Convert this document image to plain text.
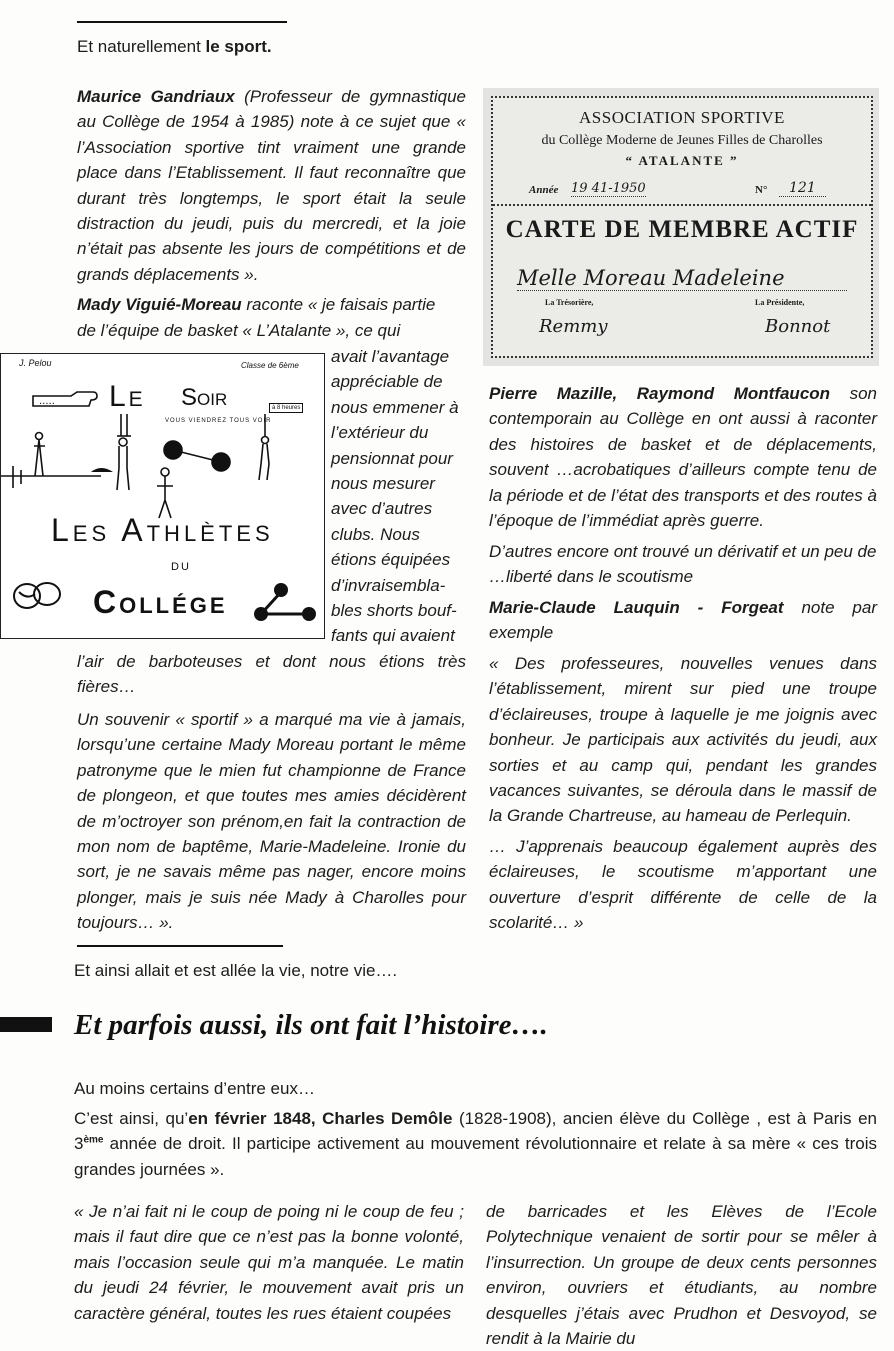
Et naturellement le sport.

Maurice Gandriaux (Professeur de gymnastique au Collège de 1954 à 1985) note à ce sujet que « l’Association sportive tint vraiment une grande place dans l’Etablissement. Il faut reconnaître que durant très longtemps, le sport était la seule distraction du jeudi, puis du mercredi, et la joie n’était pas absente les jours de compétitions et de grands déplacements ».

Mady Viguié-Moreau raconte « je faisais partie

de l’équipe de basket « L’Atalante », ce qui

avait l’avantage
appréciable de
nous emmener à
l’extérieur du
pensionnat pour
nous mesurer
avec d’autres
clubs. Nous
étions équipées
d’invraisembla-
bles shorts bouf-
fants qui avaient
J. Pelou	Classe de 6ème
..... Le Soir
VOUS VIENDREZ TOUS VOIR
à 8 heures
Les Athlètes
du
Collége

l’air de barboteuses et dont nous étions très fières…

Un souvenir « sportif » a marqué ma vie à jamais, lorsqu’une certaine Mady Moreau portant le même patronyme que le mien fut championne de France de plongeon, et que toutes mes amies décidèrent de m’octroyer son prénom,en fait la contraction de mon nom de baptême, Marie-Madeleine. Ironie du sort, je ne savais même pas nager, encore moins plonger, mais je suis née Mady à Charolles pour toujours… ».

ASSOCIATION SPORTIVE
du Collège Moderne de Jeunes Filles de Charolles
“ ATALANTE ”
Année 19 41-1950	N°	121
CARTE DE MEMBRE ACTIF
Melle Moreau Madeleine
La Trésorière,	La Présidente,
Remmy	Bonnot

Pierre Mazille, Raymond Montfaucon son contemporain au Collège en ont aussi à raconter des histoires de basket et de déplacements, souvent …acrobatiques d’ailleurs compte tenu de la période et de l’état des transports et des routes à l’époque de l’immédiat après guerre.

D’autres encore ont trouvé un dérivatif et un peu de …liberté dans le scoutisme

Marie-Claude Lauquin - Forgeat note par exemple

« Des professeures, nouvelles venues dans l’établissement, mirent sur pied une troupe d’éclaireuses, troupe à laquelle je me joignis avec bonheur. Je participais aux activités du jeudi, aux sorties et au camp qui, pendant les grandes vacances suivantes, se déroula dans le massif de la Grande Chartreuse, au hameau de Perlequin.

… J’apprenais beaucoup également auprès des éclaireuses, le scoutisme m’apportant une ouverture d’esprit différente de celle de la scolarité… »

Et ainsi allait et est allée la vie, notre vie….

Et parfois aussi, ils ont fait l’histoire….

Au moins certains d’entre eux…

C’est ainsi, qu’en février 1848, Charles Demôle (1828-1908), ancien élève du Collège , est à Paris en 3ème année de droit. Il participe activement au mouvement révolutionnaire et relate à sa mère « ces trois grandes journées ».

« Je n’ai fait ni le coup de poing ni le coup de feu ; mais il faut dire que ce n’est pas la bonne volonté, mais l’occasion seule qui m’a manquée. Le matin du jeudi 24 février, le mouvement avait pris un caractère général, toutes les rues étaient coupées

de barricades et les Elèves de l’Ecole Polytechnique venaient de sortir pour se mêler à l’insurrection. Un groupe de deux cents personnes environ, ouvriers et étudiants, au nombre desquelles j’étais avec Prudhon et Desvoyod, se rendit à la Mairie du
